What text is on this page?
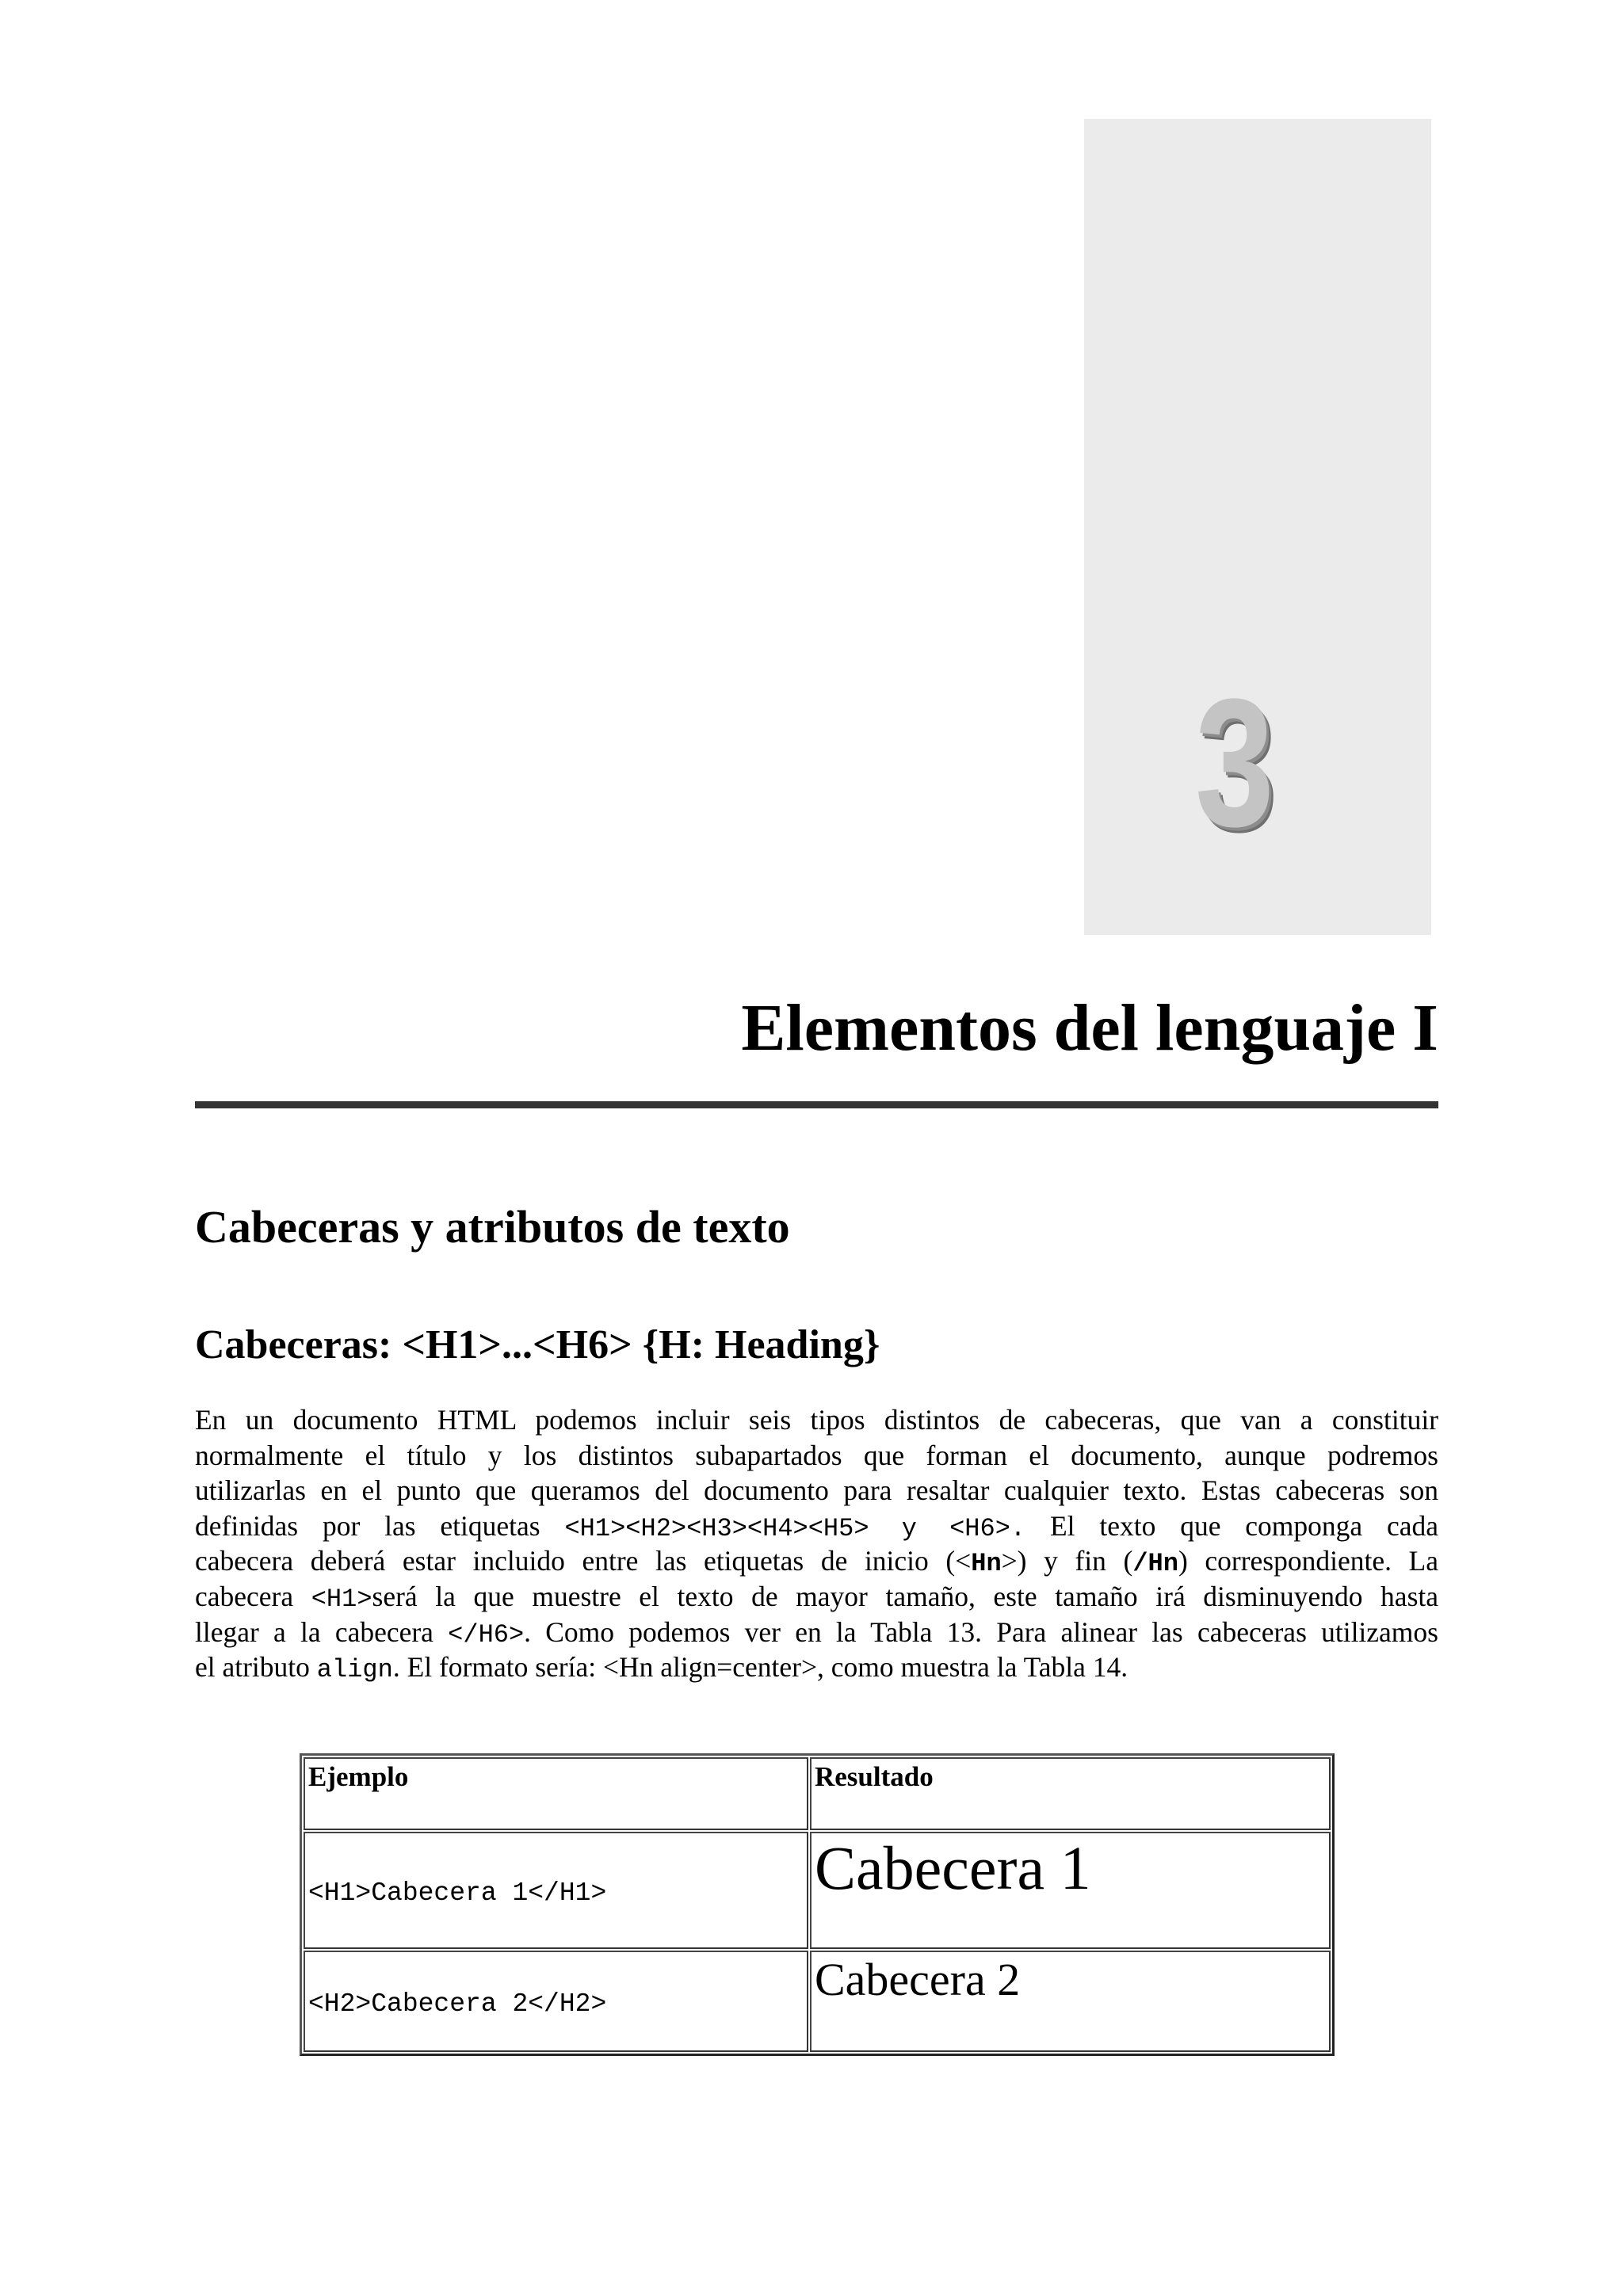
3
Elementos del lenguaje I
Cabeceras y atributos de texto
Cabeceras: <H1>...<H6> {H: Heading}
En un documento HTML podemos incluir seis tipos distintos de cabeceras, que van a constituir
normalmente el título y los distintos subapartados que forman el documento, aunque podremos
utilizarlas en el punto que queramos del documento para resaltar cualquier texto. Estas cabeceras son
definidas por las etiquetas <H1><H2><H3><H4><H5> y <H6>. El texto que componga cada
cabecera deberá estar incluido entre las etiquetas de inicio (<Hn>) y fin (/Hn) correspondiente. La
cabecera <H1>será la que muestre el texto de mayor tamaño, este tamaño irá disminuyendo hasta
llegar a la cabecera </H6>. Como podemos ver en la Tabla 13. Para alinear las cabeceras utilizamos
el atributo align. El formato sería: <Hn align=center>, como muestra la Tabla 14.
Ejemplo	Resultado
<H1>Cabecera 1</H1>	Cabecera 1

<H2>Cabecera 2</H2>	Cabecera 2
